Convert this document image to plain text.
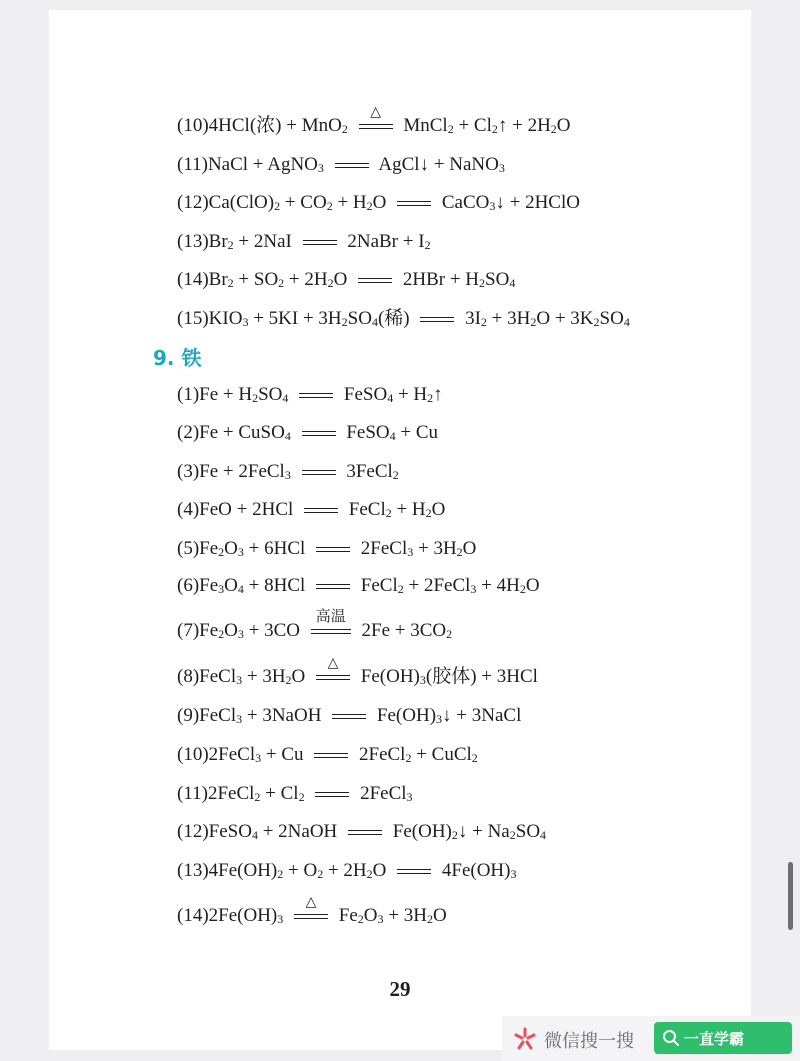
(10)4HCl(浓) + MnO$_2$
△
MnCl$_2$ + $Cl_2↑ + 2H_2O$
(11)NaCl + AgNO$_3$	AgCl↓ + NaNO$_3$
$(12)Ca(ClO)_2 + CO_2 + H_2O$	CaCO$_3$↓ + 2HClO
$(13)Br_2 + 2NaI$	2NaBr + $I_2$
$(14)Br_2 + SO_2 + 2H_2O$	$2HBr + H_2SO_4$
$(15)KIO_3 + 5KI + 3H_2SO_4$(稀)	$3I_2 + 3H_2O + 3K_2SO_4$
9. 铁
$(1)Fe + H_2SO_4$	FeSO$_4$ + $H_2↑$
(2)Fe + CuSO$_4$	FeSO$_4$ + Cu
(3)Fe + 2FeCl$_3$	3FeCl$_2$
(4)FeO + 2HCl	FeCl$_2$ + $H_2O$
$(5)Fe_2O_3 + 6HCl$	2FeCl$_3$ + $3H_2O$
$(6)Fe_3O_4 + 8HCl$	FeCl$_2$ + 2FeCl$_3$ + $4H_2O$
$(7)Fe_2O_3 + 3CO$
高温
$2Fe + 3CO_2$
(8)FeCl$_3$ + $3H_2O$
△
$Fe(OH)_3$(胶体) + 3HCl
(9)FeCl$_3$ + 3NaOH	$Fe(OH)_3↓$ + 3NaCl
(10)2FeCl$_3$ + Cu	2FeCl$_2$ + CuCl$_2$
(11)2FeCl$_2$ + $Cl_2$	2FeCl$_3$
(12)FeSO$_4$ + 2NaOH	$Fe(OH)_2↓ + Na_2SO_4$
$(13)4Fe(OH)_2 + O_2 + 2H_2O$	$4Fe(OH)_3$
$(14)2Fe(OH)_3$
△
$Fe_2O_3 + 3H_2O$
29
微信搜一搜	一直学霸
